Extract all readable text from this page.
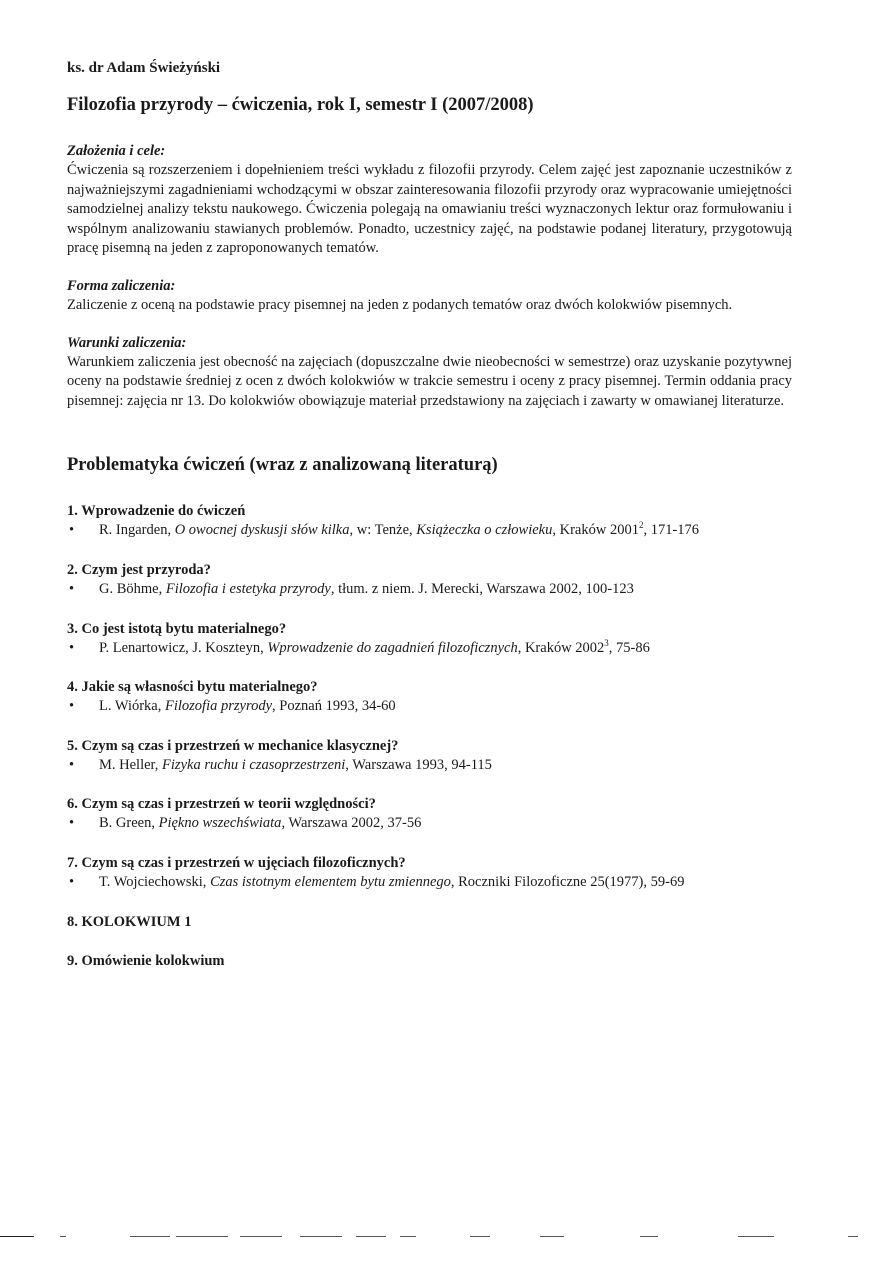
ks. dr Adam Świeżyński
Filozofia przyrody – ćwiczenia, rok I, semestr I (2007/2008)
Założenia i cele:
Ćwiczenia są rozszerzeniem i dopełnieniem treści wykładu z filozofii przyrody. Celem zajęć jest zapoznanie uczestników z najważniejszymi zagadnieniami wchodzącymi w obszar zainteresowania filozofii przyrody oraz wypracowanie umiejętności samodzielnej analizy tekstu naukowego. Ćwiczenia polegają na omawianiu treści wyznaczonych lektur oraz formułowaniu i wspólnym analizowaniu stawianych problemów. Ponadto, uczestnicy zajęć, na podstawie podanej literatury, przygotowują pracę pisemną na jeden z zaproponowanych tematów.
Forma zaliczenia:
Zaliczenie z oceną na podstawie pracy pisemnej na jeden z podanych tematów oraz dwóch kolokwiów pisemnych.
Warunki zaliczenia:
Warunkiem zaliczenia jest obecność na zajęciach (dopuszczalne dwie nieobecności w semestrze) oraz uzyskanie pozytywnej oceny na podstawie średniej z ocen z dwóch kolokwiów w trakcie semestru i oceny z pracy pisemnej. Termin oddania pracy pisemnej: zajęcia nr 13. Do kolokwiów obowiązuje materiał przedstawiony na zajęciach i zawarty w omawianej literaturze.
Problematyka ćwiczeń (wraz z analizowaną literaturą)
1. Wprowadzenie do ćwiczeń
•	R. Ingarden, O owocnej dyskusji słów kilka, w: Tenże, Książeczka o człowieku, Kraków 2001$^2$, 171-176
2. Czym jest przyroda?
•	G. Böhme, Filozofia i estetyka przyrody, tłum. z niem. J. Merecki, Warszawa 2002, 100-123
3. Co jest istotą bytu materialnego?
•	P. Lenartowicz, J. Koszteyn, Wprowadzenie do zagadnień filozoficznych, Kraków 2002$^3$, 75-86
4. Jakie są własności bytu materialnego?
•	L. Wiórka, Filozofia przyrody, Poznań 1993, 34-60
5. Czym są czas i przestrzeń w mechanice klasycznej?
•	M. Heller, Fizyka ruchu i czasoprzestrzeni, Warszawa 1993, 94-115
6. Czym są czas i przestrzeń w teorii względności?
•	B. Green, Piękno wszechświata, Warszawa 2002, 37-56
7. Czym są czas i przestrzeń w ujęciach filozoficznych?
•	T. Wojciechowski, Czas istotnym elementem bytu zmiennego, Roczniki Filozoficzne 25(1977), 59-69
8. KOLOKWIUM 1
9. Omówienie kolokwium
